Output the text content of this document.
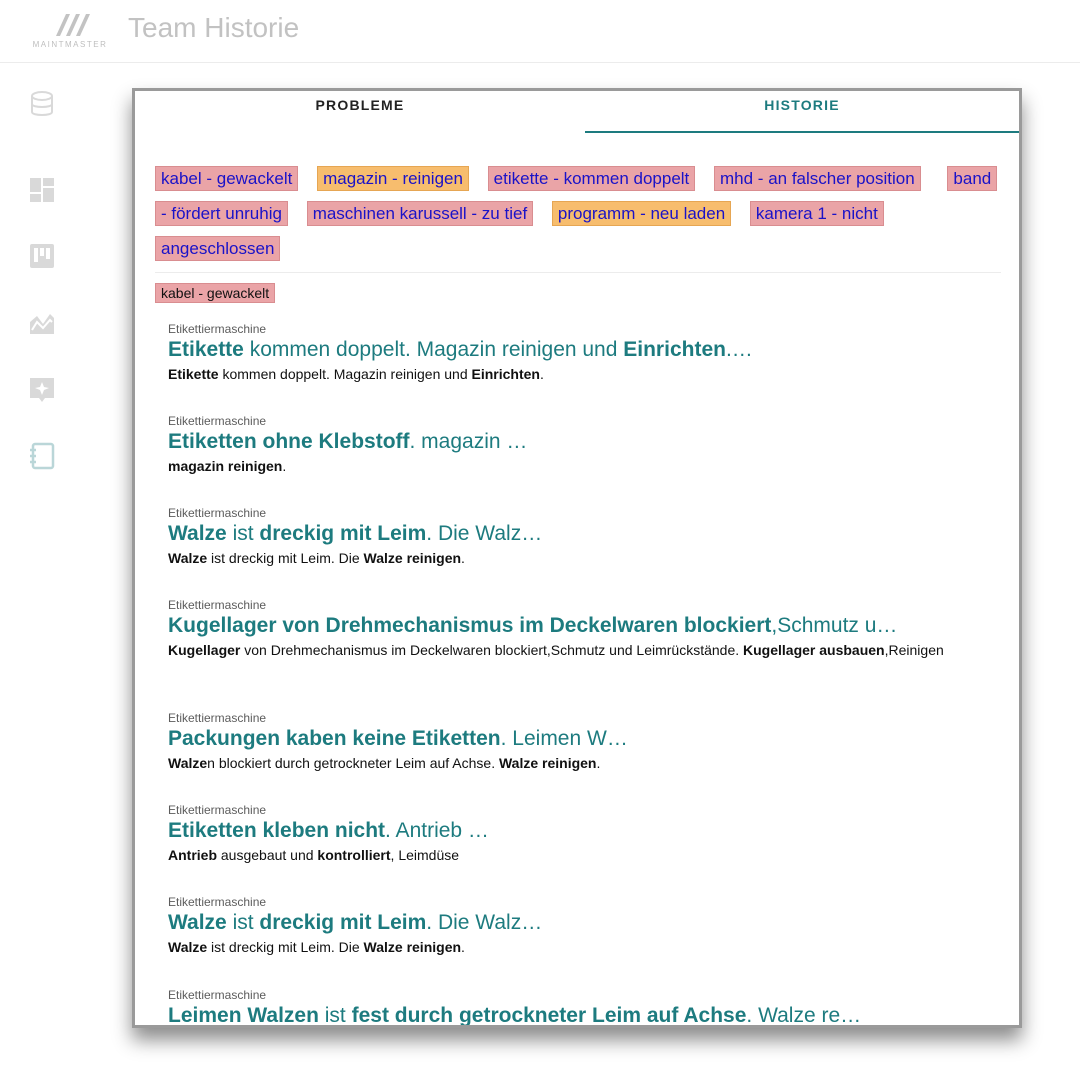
MAINTMASTER
Team Historie
PROBLEME	HISTORIE
kabel - gewackelt magazin - reinigen etikette - kommen doppelt mhd - an falscher position band - fördert unruhig maschinen karussell - zu tief programm - neu laden kamera 1 - nicht angeschlossen
kabel - gewackelt
Etikettiermaschine
Etikette kommen doppelt. Magazin reinigen und Einrichten.…
Etikette kommen doppelt. Magazin reinigen und Einrichten.
Etikettiermaschine
Etiketten ohne Klebstoff. magazin …
magazin reinigen.
Etikettiermaschine
Walze ist dreckig mit Leim. Die Walz…
Walze ist dreckig mit Leim. Die Walze reinigen.
Etikettiermaschine
Kugellager von Drehmechanismus im Deckelwaren blockiert,Schmutz u…
Kugellager von Drehmechanismus im Deckelwaren blockiert,Schmutz und Leimrückstände. Kugellager ausbauen,Reinigen
Etikettiermaschine
Packungen kaben keine Etiketten. Leimen W…
Walzen blockiert durch getrockneter Leim auf Achse. Walze reinigen.
Etikettiermaschine
Etiketten kleben nicht. Antrieb …
Antrieb ausgebaut und kontrolliert, Leimdüse
Etikettiermaschine
Walze ist dreckig mit Leim. Die Walz…
Walze ist dreckig mit Leim. Die Walze reinigen.
Etikettiermaschine
Leimen Walzen ist fest durch getrockneter Leim auf Achse. Walze re…
